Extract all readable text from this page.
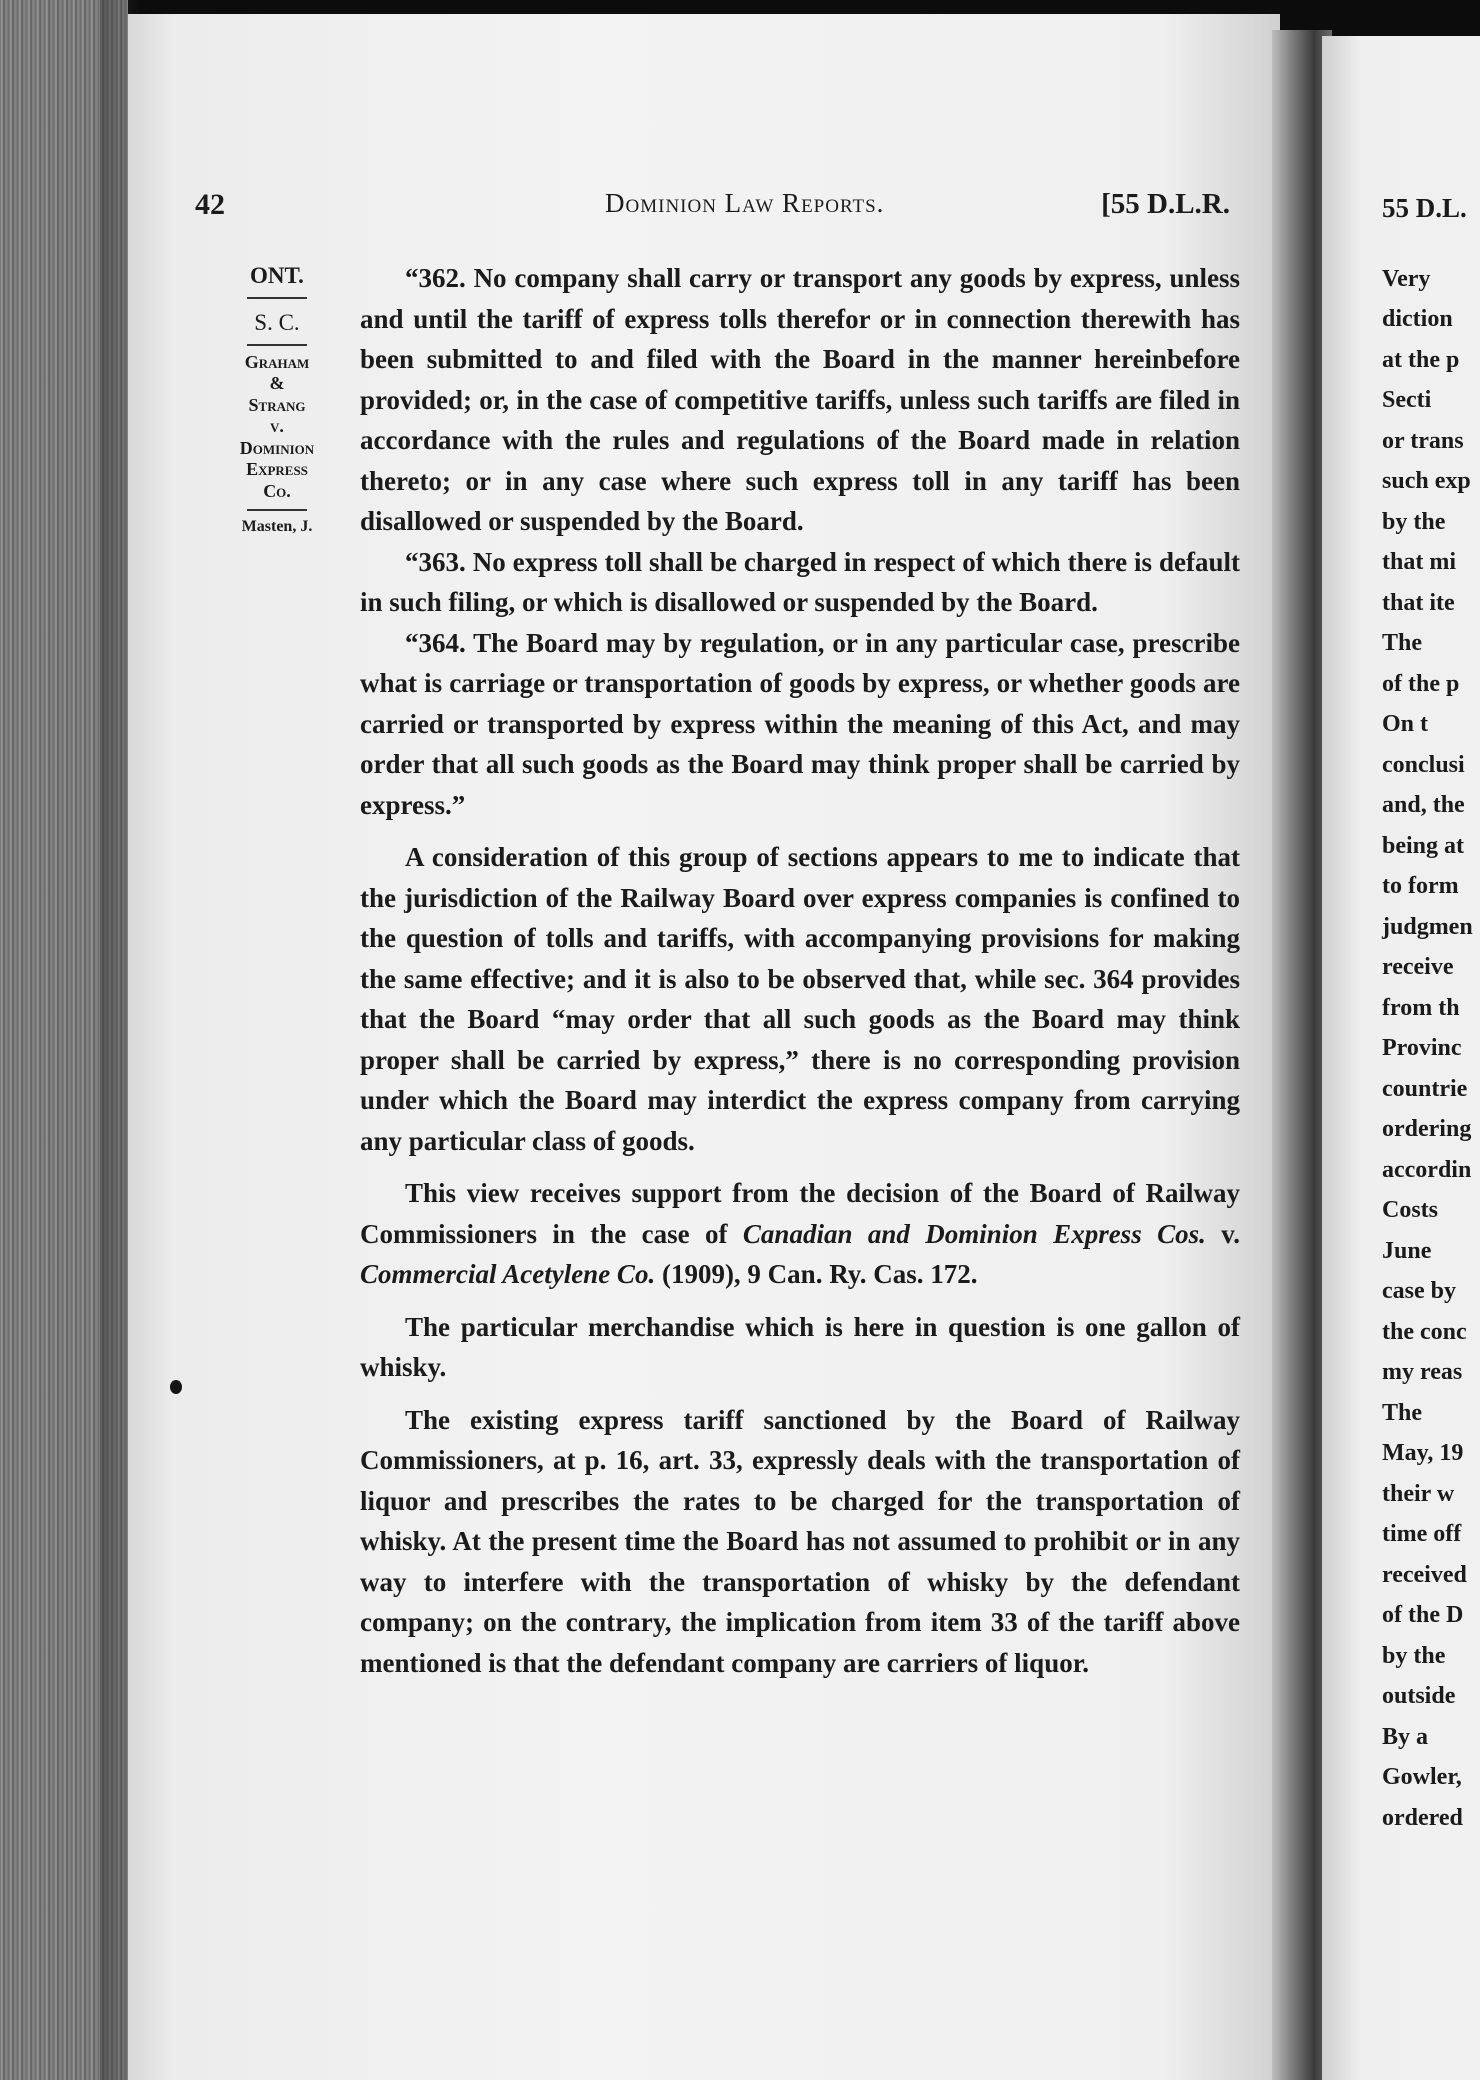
42	Dominion Law Reports.	[55 D.L.R.
ONT.
S. C.
Graham
&
Strang
v.
Dominion
Express
Co.
Masten, J.

“362. No company shall carry or transport any goods by express, unless and until the tariff of express tolls therefor or in connection therewith has been submitted to and filed with the Board in the manner hereinbefore provided; or, in the case of competitive tariffs, unless such tariffs are filed in accordance with the rules and regulations of the Board made in relation thereto; or in any case where such express toll in any tariff has been disallowed or suspended by the Board.

“363. No express toll shall be charged in respect of which there is default in such filing, or which is disallowed or suspended by the Board.

“364. The Board may by regulation, or in any particular case, prescribe what is carriage or transportation of goods by express, or whether goods are carried or transported by express within the meaning of this Act, and may order that all such goods as the Board may think proper shall be carried by express.”

A consideration of this group of sections appears to me to indicate that the jurisdiction of the Railway Board over express companies is confined to the question of tolls and tariffs, with accompanying provisions for making the same effective; and it is also to be observed that, while sec. 364 provides that the Board “may order that all such goods as the Board may think proper shall be carried by express,” there is no corresponding provision under which the Board may interdict the express company from carrying any particular class of goods.

This view receives support from the decision of the Board of Railway Commissioners in the case of Canadian and Dominion Express Cos. v. Commercial Acetylene Co. (1909), 9 Can. Ry. Cas. 172.

The particular merchandise which is here in question is one gallon of whisky.

The existing express tariff sanctioned by the Board of Railway Commissioners, at p. 16, art. 33, expressly deals with the transportation of liquor and prescribes the rates to be charged for the transportation of whisky. At the present time the Board has not assumed to prohibit or in any way to interfere with the transportation of whisky by the defendant company; on the contrary, the implication from item 33 of the tariff above mentioned is that the defendant company are carriers of liquor.

55 D.L.
Very
diction
at the p
Secti
or trans
such exp
by the
that mi
that ite
The
of the p
On t
conclusi
and, the
being at
to form
judgmen
receive
from th
Provinc
countrie
ordering
accordin
Costs
June
case by
the conc
my reas
The
May, 19
their w
time off
received
of the D
by the
outside
By a
Gowler,
ordered
